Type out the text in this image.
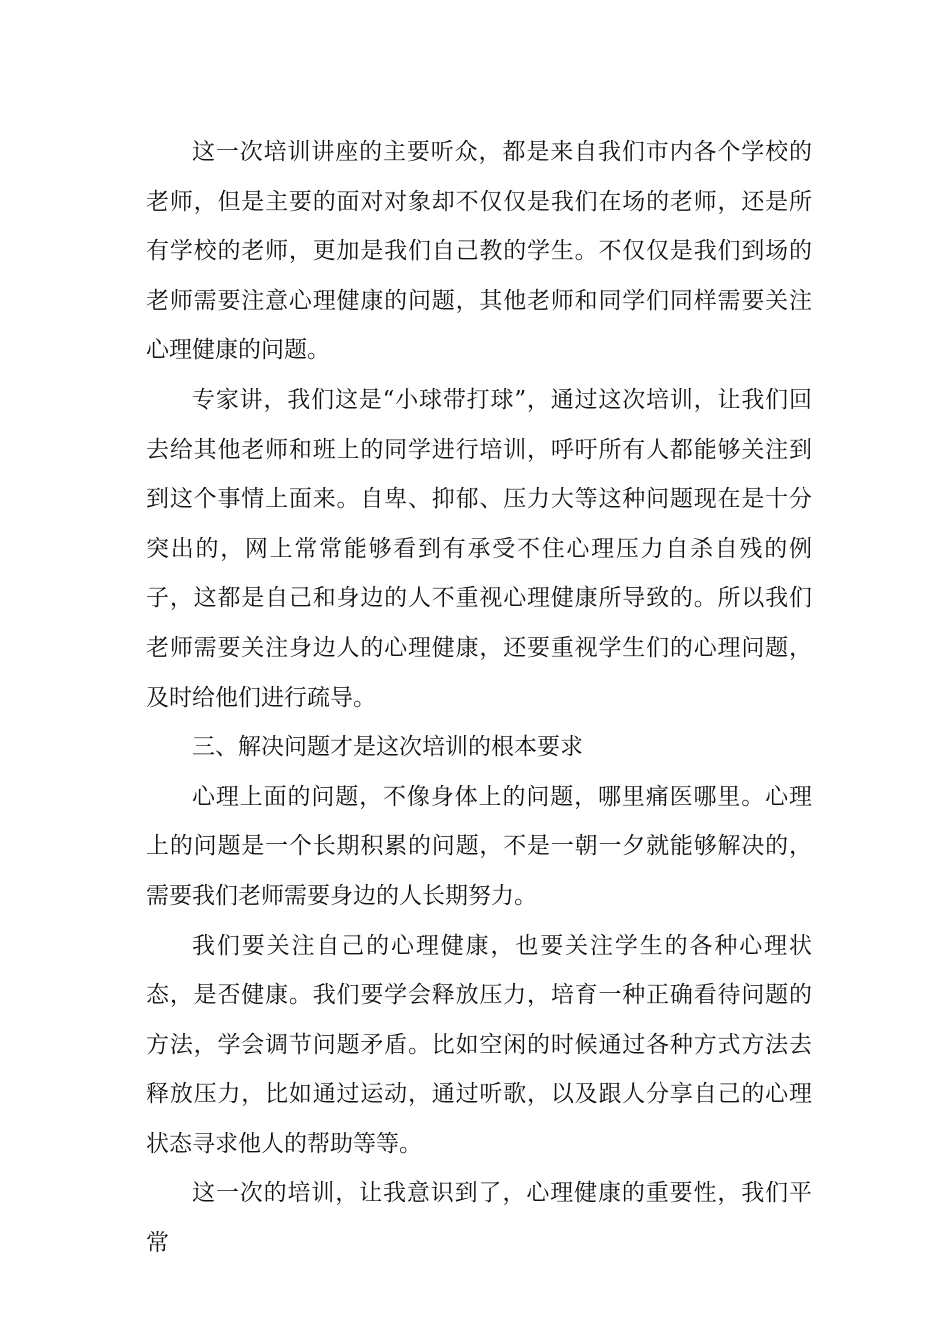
这一次培训讲座的主要听众，都是来自我们市内各个学校的老师，但是主要的面对对象却不仅仅是我们在场的老师，还是所有学校的老师，更加是我们自己教的学生。不仅仅是我们到场的老师需要注意心理健康的问题，其他老师和同学们同样需要关注心理健康的问题。

专家讲，我们这是“小球带打球”，通过这次培训，让我们回去给其他老师和班上的同学进行培训，呼吁所有人都能够关注到到这个事情上面来。自卑、抑郁、压力大等这种问题现在是十分突出的，网上常常能够看到有承受不住心理压力自杀自残的例子，这都是自己和身边的人不重视心理健康所导致的。所以我们老师需要关注身边人的心理健康，还要重视学生们的心理问题，及时给他们进行疏导。

三、解决问题才是这次培训的根本要求

心理上面的问题，不像身体上的问题，哪里痛医哪里。心理上的问题是一个长期积累的问题，不是一朝一夕就能够解决的，需要我们老师需要身边的人长期努力。

我们要关注自己的心理健康，也要关注学生的各种心理状态，是否健康。我们要学会释放压力，培育一种正确看待问题的方法，学会调节问题矛盾。比如空闲的时候通过各种方式方法去释放压力，比如通过运动，通过听歌，以及跟人分享自己的心理状态寻求他人的帮助等等。

这一次的培训，让我意识到了，心理健康的重要性，我们平常
